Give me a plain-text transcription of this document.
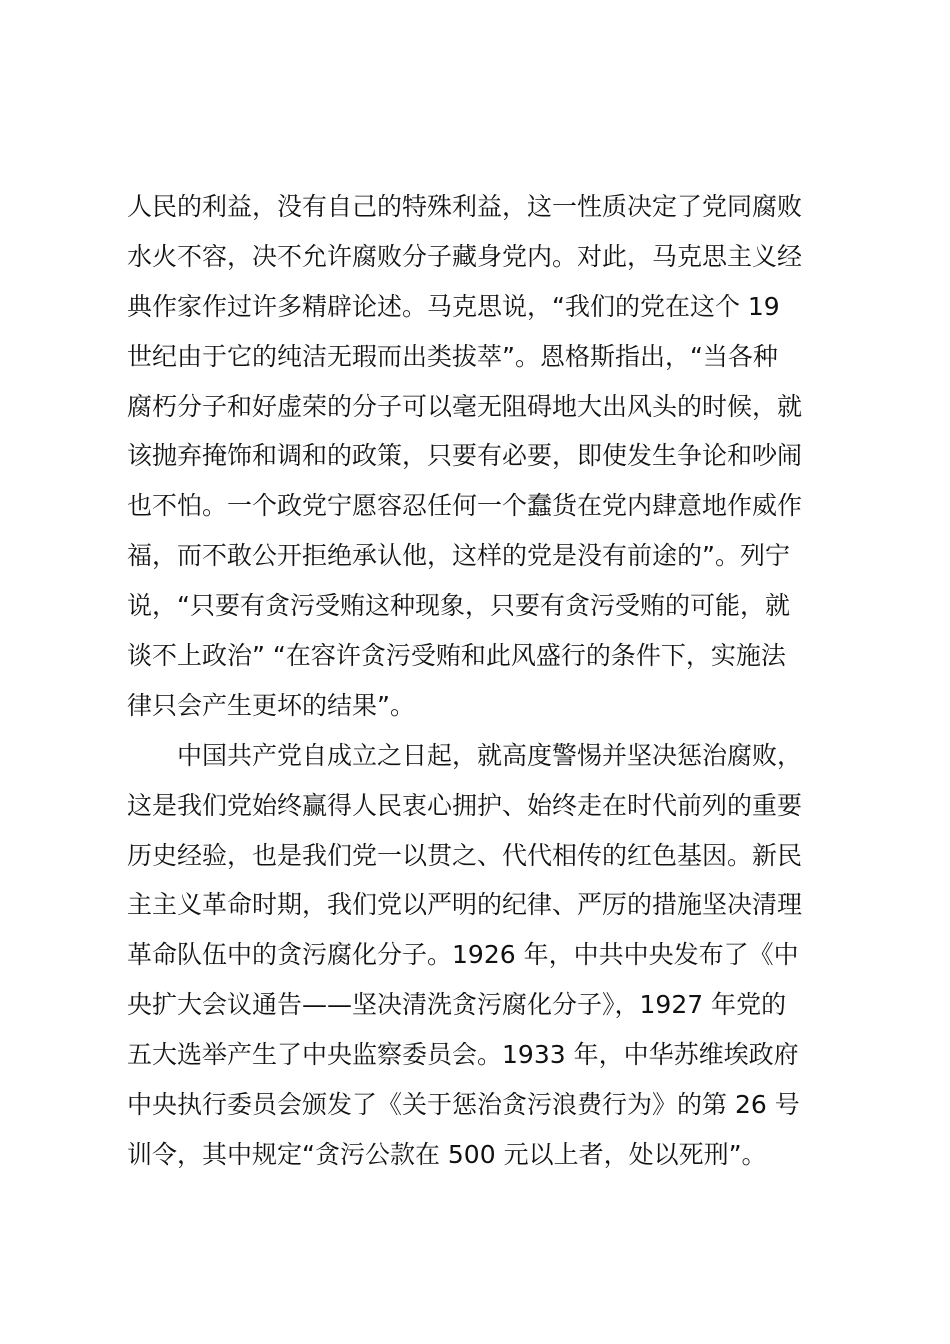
人民的利益，没有自己的特殊利益，这一性质决定了党同腐败
水火不容，决不允许腐败分子藏身党内。对此，马克思主义经
典作家作过许多精辟论述。马克思说，“我们的党在这个 19
世纪由于它的纯洁无瑕而出类拔萃”。恩格斯指出，“当各种
腐朽分子和好虚荣的分子可以毫无阻碍地大出风头的时候，就
该抛弃掩饰和调和的政策，只要有必要，即使发生争论和吵闹
也不怕。一个政党宁愿容忍任何一个蠢货在党内肆意地作威作
福，而不敢公开拒绝承认他，这样的党是没有前途的”。列宁
说，“只要有贪污受贿这种现象，只要有贪污受贿的可能，就
谈不上政治” “在容许贪污受贿和此风盛行的条件下，实施法
律只会产生更坏的结果”。
中国共产党自成立之日起，就高度警惕并坚决惩治腐败，
这是我们党始终赢得人民衷心拥护、始终走在时代前列的重要
历史经验，也是我们党一以贯之、代代相传的红色基因。新民
主主义革命时期，我们党以严明的纪律、严厉的措施坚决清理
革命队伍中的贪污腐化分子。1926 年，中共中央发布了《中
央扩大会议通告——坚决清洗贪污腐化分子》，1927 年党的
五大选举产生了中央监察委员会。1933 年，中华苏维埃政府
中央执行委员会颁发了《关于惩治贪污浪费行为》的第 26 号
训令，其中规定“贪污公款在 500 元以上者，处以死刑”。
